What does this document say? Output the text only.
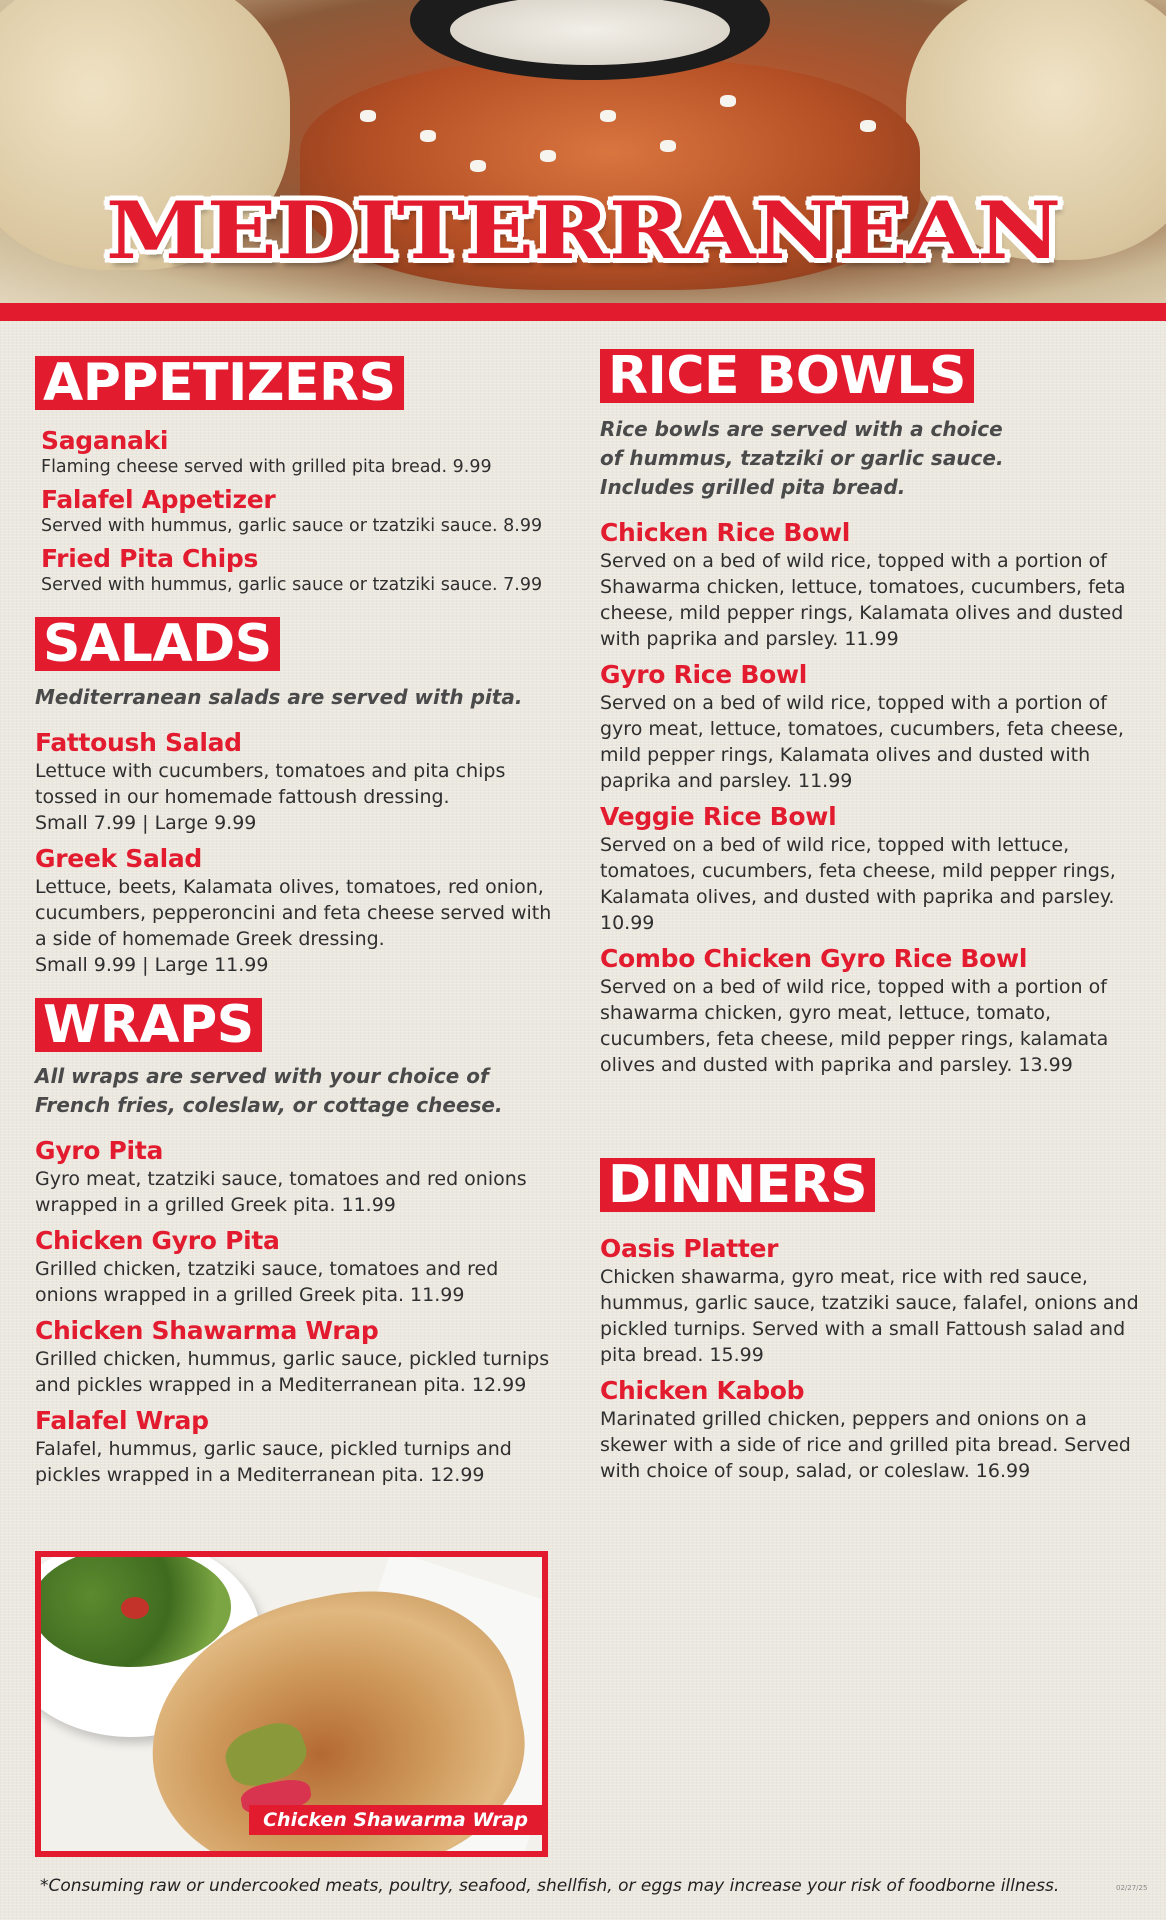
MEDITERRANEAN
APPETIZERS
Saganaki
Flaming cheese served with grilled pita bread. 9.99
Falafel Appetizer
Served with hummus, garlic sauce or tzatziki sauce. 8.99
Fried Pita Chips
Served with hummus, garlic sauce or tzatziki sauce. 7.99
SALADS
Mediterranean salads are served with pita.
Fattoush Salad
Lettuce with cucumbers, tomatoes and pita chips tossed in our homemade fattoush dressing.
Small 7.99 | Large 9.99
Greek Salad
Lettuce, beets, Kalamata olives, tomatoes, red onion, cucumbers, pepperoncini and feta cheese served with a side of homemade Greek dressing.
Small 9.99 | Large 11.99
WRAPS
All wraps are served with your choice of French fries, coleslaw, or cottage cheese.
Gyro Pita
Gyro meat, tzatziki sauce, tomatoes and red onions wrapped in a grilled Greek pita. 11.99
Chicken Gyro Pita
Grilled chicken, tzatziki sauce, tomatoes and red onions wrapped in a grilled Greek pita. 11.99
Chicken Shawarma Wrap
Grilled chicken, hummus, garlic sauce, pickled turnips and pickles wrapped in a Mediterranean pita. 12.99
Falafel Wrap
Falafel, hummus, garlic sauce, pickled turnips and pickles wrapped in a Mediterranean pita. 12.99
Chicken Shawarma Wrap
RICE BOWLS
Rice bowls are served with a choice of hummus, tzatziki or garlic sauce. Includes grilled pita bread.
Chicken Rice Bowl
Served on a bed of wild rice, topped with a portion of Shawarma chicken, lettuce, tomatoes, cucumbers, feta cheese, mild pepper rings, Kalamata olives and dusted with paprika and parsley. 11.99
Gyro Rice Bowl
Served on a bed of wild rice, topped with a portion of gyro meat, lettuce, tomatoes, cucumbers, feta cheese, mild pepper rings, Kalamata olives and dusted with paprika and parsley. 11.99
Veggie Rice Bowl
Served on a bed of wild rice, topped with lettuce, tomatoes, cucumbers, feta cheese, mild pepper rings, Kalamata olives, and dusted with paprika and parsley. 10.99
Combo Chicken Gyro Rice Bowl
Served on a bed of wild rice, topped with a portion of shawarma chicken, gyro meat, lettuce, tomato, cucumbers, feta cheese, mild pepper rings, kalamata olives and dusted with paprika and parsley. 13.99
DINNERS
Oasis Platter
Chicken shawarma, gyro meat, rice with red sauce, hummus, garlic sauce, tzatziki sauce, falafel, onions and pickled turnips. Served with a small Fattoush salad and pita bread. 15.99
Chicken Kabob
Marinated grilled chicken, peppers and onions on a skewer with a side of rice and grilled pita bread. Served with choice of soup, salad, or coleslaw. 16.99
*Consuming raw or undercooked meats, poultry, seafood, shellfish, or eggs may increase your risk of foodborne illness.	02/27/25
